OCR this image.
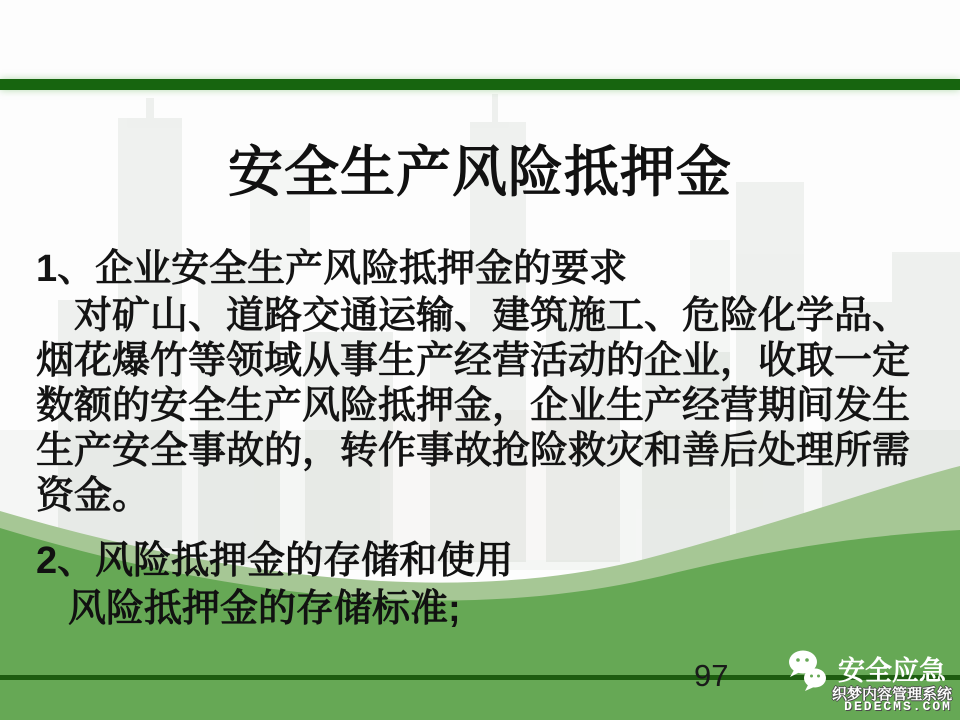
安全生产风险抵押金
1、企业安全生产风险抵押金的要求
对矿山、道路交通运输、建筑施工、危险化学品、
烟花爆竹等领域从事生产经营活动的企业，收取一定
数额的安全生产风险抵押金，企业生产经营期间发生
生产安全事故的，转作事故抢险救灾和善后处理所需
资金。
2、风险抵押金的存储和使用
风险抵押金的存储标准;
97	安全应急
织梦内容管理系统
DEDECMS.COM
